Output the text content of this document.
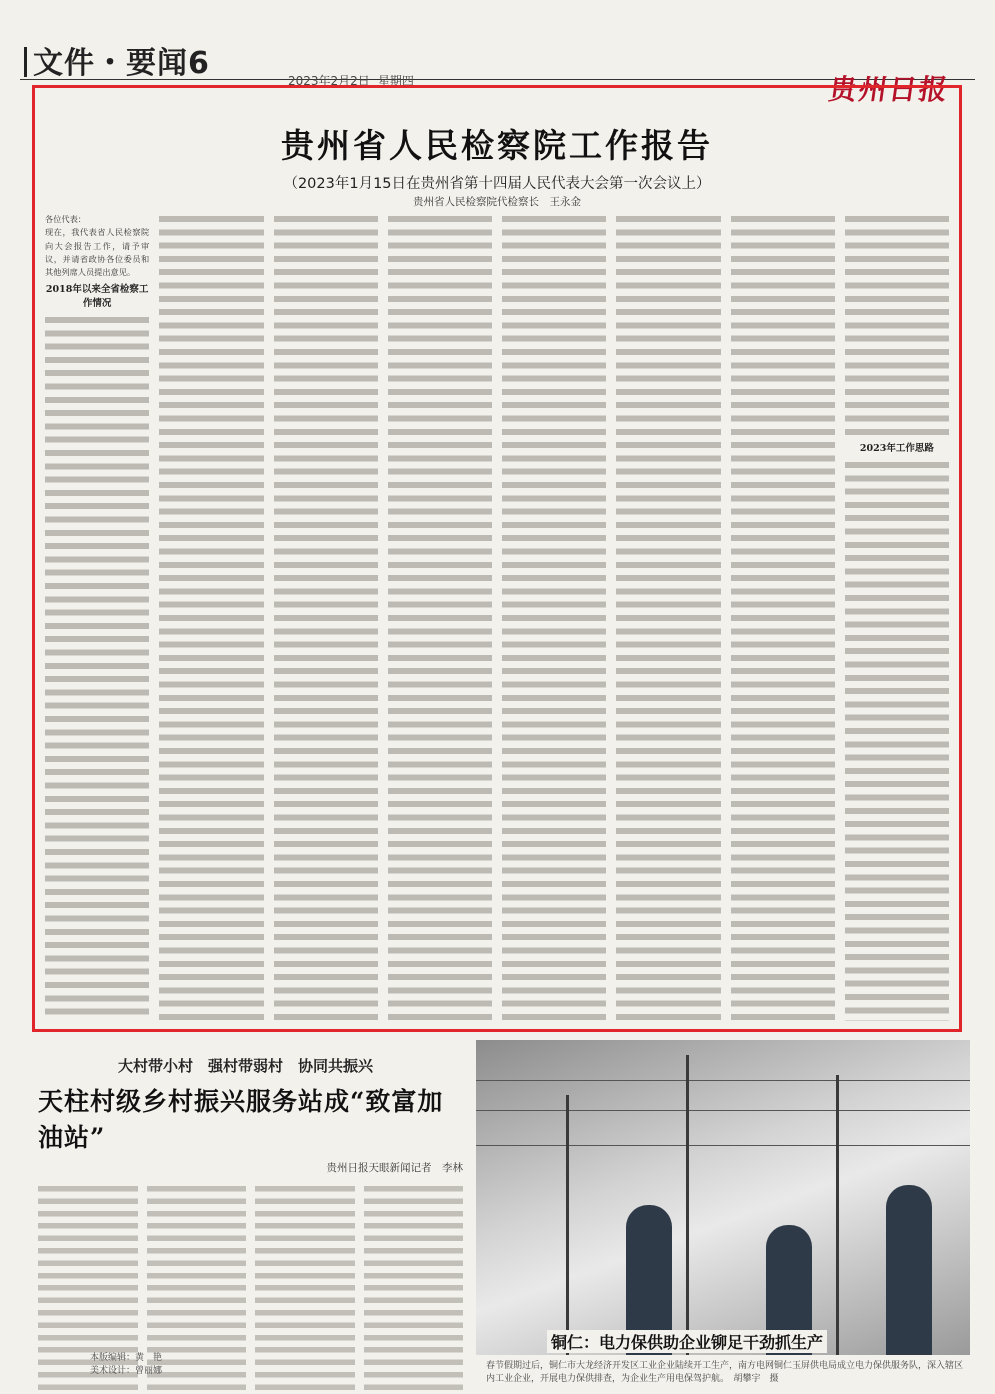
文件・要闻6	2023年2月2日 星期四	贵州日报
贵州省人民检察院工作报告
（2023年1月15日在贵州省第十四届人民代表大会第一次会议上）
贵州省人民检察院代检察长　王永金
各位代表：
现在，我代表省人民检察院向大会报告工作，请予审议，并请省政协各位委员和其他列席人员提出意见。
2018年以来全省检察工作情况
2023年工作思路
大村带小村　强村带弱村　协同共振兴
天柱村级乡村振兴服务站成“致富加油站”
贵州日报天眼新闻记者　李林
本版编辑：黄　艳
美术设计：曾丽娜
铜仁：电力保供助企业铆足干劲抓生产
春节假期过后，铜仁市大龙经济开发区工业企业陆续开工生产，南方电网铜仁玉屏供电局成立电力保供服务队，深入辖区内工业企业，开展电力保供排查，为企业生产用电保驾护航。　胡攀宇　摄
